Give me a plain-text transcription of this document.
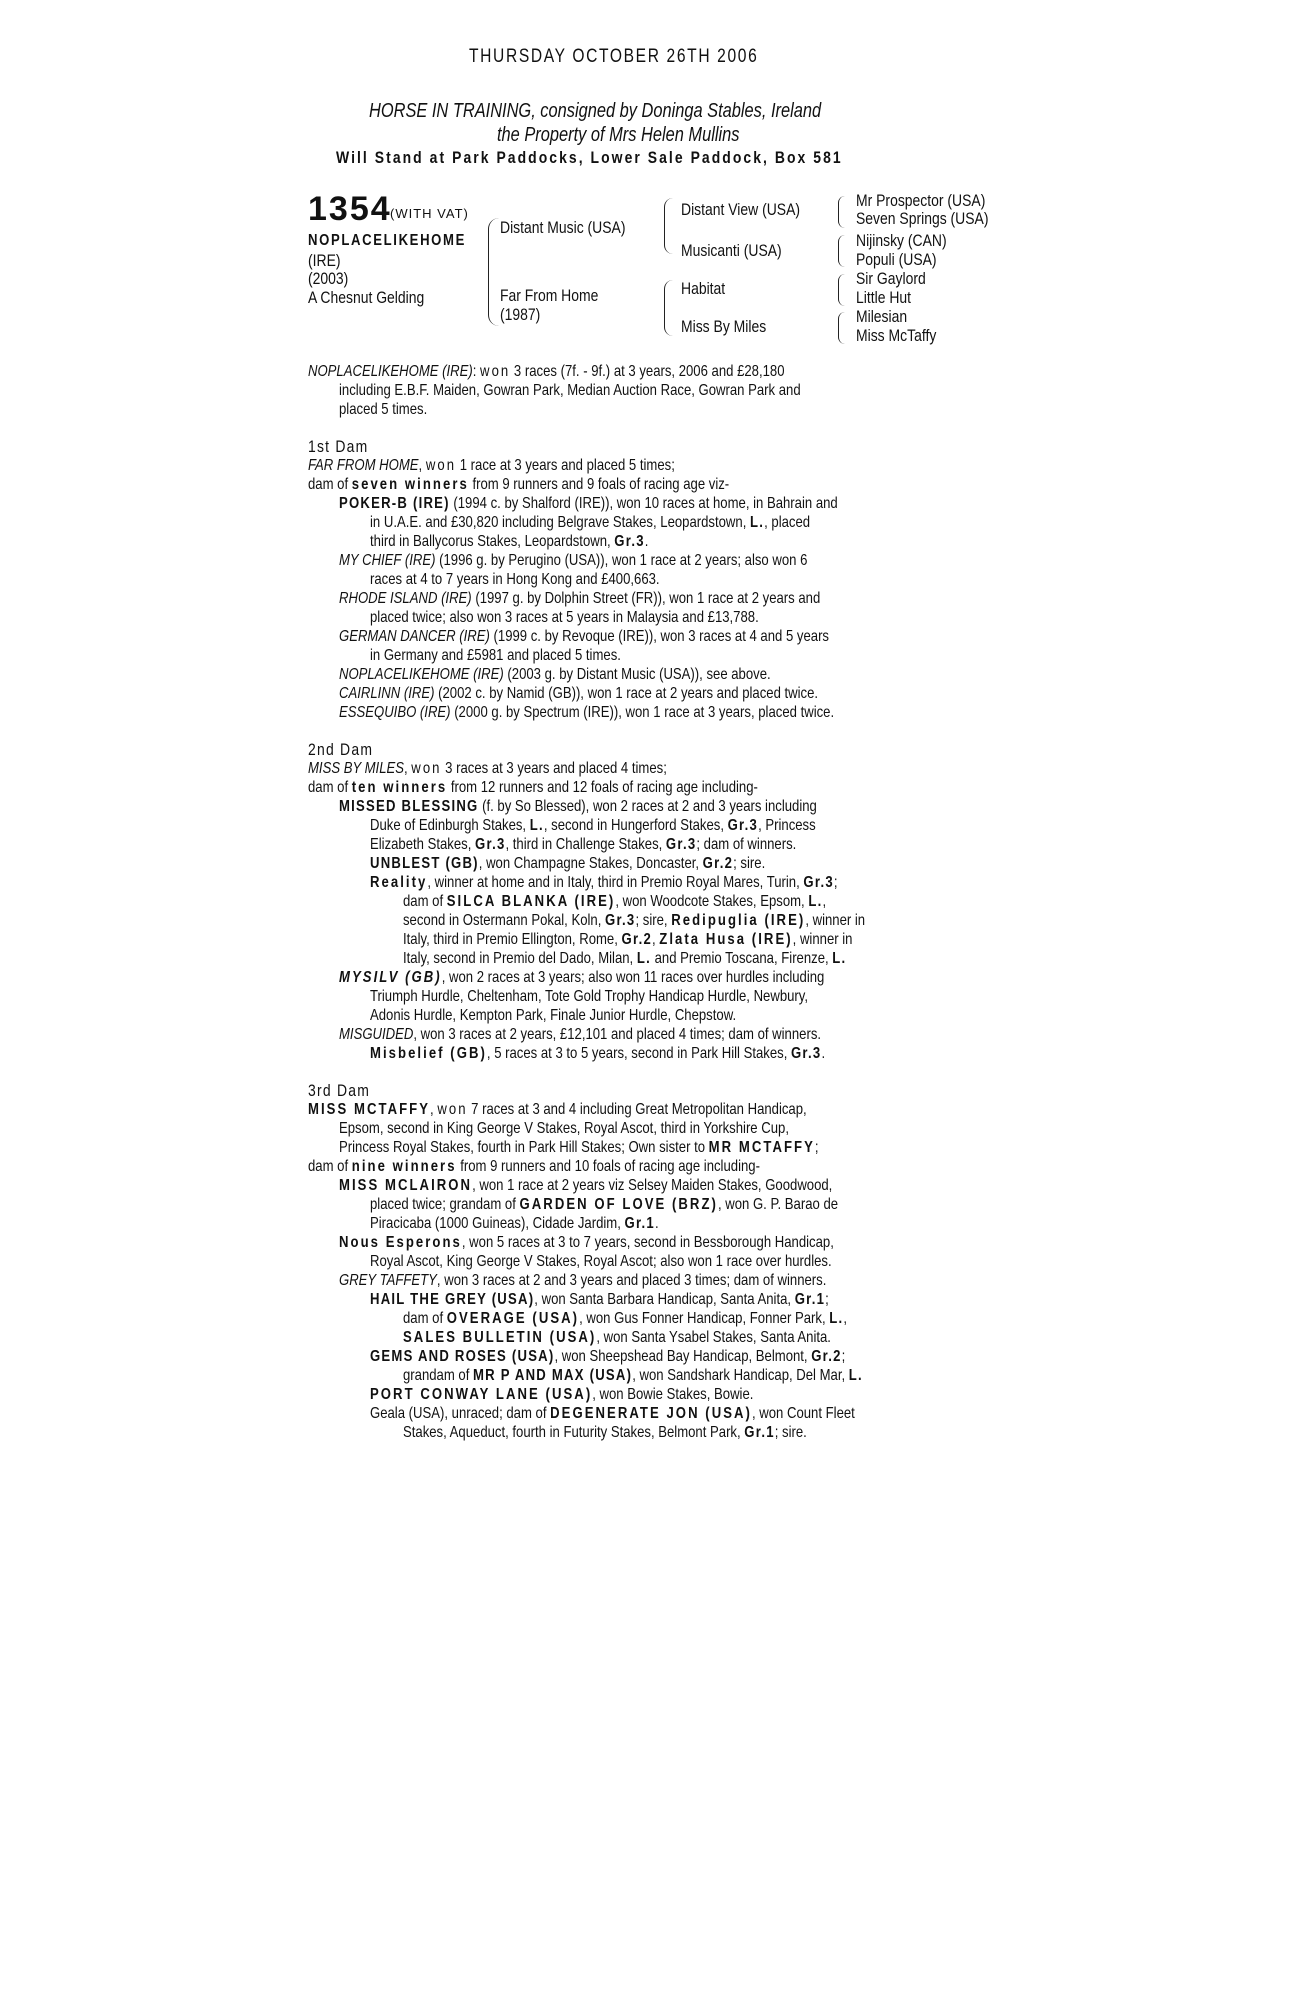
THURSDAY OCTOBER 26TH 2006
HORSE IN TRAINING, consigned by Doninga Stables, Ireland
the Property of Mrs Helen Mullins
Will Stand at Park Paddocks, Lower Sale Paddock, Box 581
1354
(WITH VAT)
NOPLACELIKEHOME
(IRE)
(2003)
A Chesnut Gelding
Distant Music (USA)
Far From Home
(1987)
Distant View (USA)
Musicanti (USA)
Habitat
Miss By Miles
Mr Prospector (USA)
Seven Springs (USA)
Nijinsky (CAN)
Populi (USA)
Sir Gaylord
Little Hut
Milesian
Miss McTaffy
NOPLACELIKEHOME (IRE): won 3 races (7f. - 9f.) at 3 years, 2006 and £28,180
including E.B.F. Maiden, Gowran Park, Median Auction Race, Gowran Park and
placed 5 times.
1st Dam
FAR FROM HOME, won 1 race at 3 years and placed 5 times;
dam of seven winners from 9 runners and 9 foals of racing age viz-
POKER-B (IRE) (1994 c. by Shalford (IRE)), won 10 races at home, in Bahrain and
in U.A.E. and £30,820 including Belgrave Stakes, Leopardstown, L., placed
third in Ballycorus Stakes, Leopardstown, Gr.3.
MY CHIEF (IRE) (1996 g. by Perugino (USA)), won 1 race at 2 years; also won 6
races at 4 to 7 years in Hong Kong and £400,663.
RHODE ISLAND (IRE) (1997 g. by Dolphin Street (FR)), won 1 race at 2 years and
placed twice; also won 3 races at 5 years in Malaysia and £13,788.
GERMAN DANCER (IRE) (1999 c. by Revoque (IRE)), won 3 races at 4 and 5 years
in Germany and £5981 and placed 5 times.
NOPLACELIKEHOME (IRE) (2003 g. by Distant Music (USA)), see above.
CAIRLINN (IRE) (2002 c. by Namid (GB)), won 1 race at 2 years and placed twice.
ESSEQUIBO (IRE) (2000 g. by Spectrum (IRE)), won 1 race at 3 years, placed twice.
2nd Dam
MISS BY MILES, won 3 races at 3 years and placed 4 times;
dam of ten winners from 12 runners and 12 foals of racing age including-
MISSED BLESSING (f. by So Blessed), won 2 races at 2 and 3 years including
Duke of Edinburgh Stakes, L., second in Hungerford Stakes, Gr.3, Princess
Elizabeth Stakes, Gr.3, third in Challenge Stakes, Gr.3; dam of winners.
UNBLEST (GB), won Champagne Stakes, Doncaster, Gr.2; sire.
Reality, winner at home and in Italy, third in Premio Royal Mares, Turin, Gr.3;
dam of SILCA BLANKA (IRE), won Woodcote Stakes, Epsom, L.,
second in Ostermann Pokal, Koln, Gr.3; sire, Redipuglia (IRE), winner in
Italy, third in Premio Ellington, Rome, Gr.2, Zlata Husa (IRE), winner in
Italy, second in Premio del Dado, Milan, L. and Premio Toscana, Firenze, L.
MYSILV (GB), won 2 races at 3 years; also won 11 races over hurdles including
Triumph Hurdle, Cheltenham, Tote Gold Trophy Handicap Hurdle, Newbury,
Adonis Hurdle, Kempton Park, Finale Junior Hurdle, Chepstow.
MISGUIDED, won 3 races at 2 years, £12,101 and placed 4 times; dam of winners.
Misbelief (GB), 5 races at 3 to 5 years, second in Park Hill Stakes, Gr.3.
3rd Dam
MISS MCTAFFY, won 7 races at 3 and 4 including Great Metropolitan Handicap,
Epsom, second in King George V Stakes, Royal Ascot, third in Yorkshire Cup,
Princess Royal Stakes, fourth in Park Hill Stakes; Own sister to MR MCTAFFY;
dam of nine winners from 9 runners and 10 foals of racing age including-
MISS MCLAIRON, won 1 race at 2 years viz Selsey Maiden Stakes, Goodwood,
placed twice; grandam of GARDEN OF LOVE (BRZ), won G. P. Barao de
Piracicaba (1000 Guineas), Cidade Jardim, Gr.1.
Nous Esperons, won 5 races at 3 to 7 years, second in Bessborough Handicap,
Royal Ascot, King George V Stakes, Royal Ascot; also won 1 race over hurdles.
GREY TAFFETY, won 3 races at 2 and 3 years and placed 3 times; dam of winners.
HAIL THE GREY (USA), won Santa Barbara Handicap, Santa Anita, Gr.1;
dam of OVERAGE (USA), won Gus Fonner Handicap, Fonner Park, L.,
SALES BULLETIN (USA), won Santa Ysabel Stakes, Santa Anita.
GEMS AND ROSES (USA), won Sheepshead Bay Handicap, Belmont, Gr.2;
grandam of MR P AND MAX (USA), won Sandshark Handicap, Del Mar, L.
PORT CONWAY LANE (USA), won Bowie Stakes, Bowie.
Geala (USA), unraced; dam of DEGENERATE JON (USA), won Count Fleet
Stakes, Aqueduct, fourth in Futurity Stakes, Belmont Park, Gr.1; sire.
